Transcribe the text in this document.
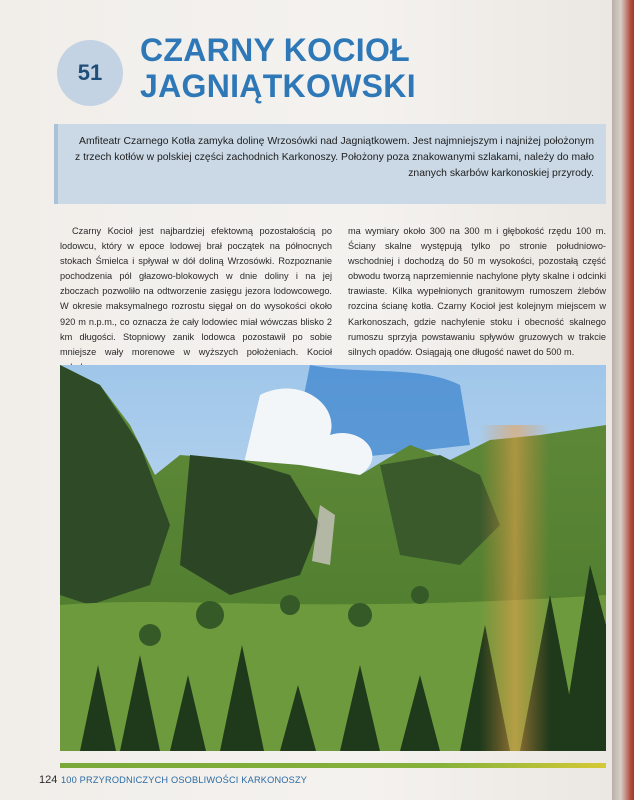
51
CZARNY KOCIOŁ
JAGNIĄTKOWSKI
Amfiteatr Czarnego Kotła zamyka dolinę Wrzosówki nad Jagniątkowem. Jest najmniejszym i najniżej położonym z trzech kotłów w polskiej części zachodnich Karkonoszy. Położony poza znakowanymi szlakami, należy do mało znanych skarbów karkonoskiej przyrody.
Czarny Kocioł jest najbardziej efektowną pozostałością po lodowcu, który w epoce lodowej brał początek na północnych stokach Śmielca i spływał w dół doliną Wrzosówki. Rozpoznanie pochodzenia pól głazowo-blokowych w dnie doliny i na jej zboczach pozwoliło na odtworzenie zasięgu jezora lodowcowego. W okresie maksymalnego rozrostu sięgał on do wysokości około 920 m n.p.m., co oznacza że cały lodowiec miał wówczas blisko 2 km długości. Stopniowy zanik lodowca pozostawił po sobie mniejsze wały morenowe w wyższych położeniach. Kocioł
ma wymiary około 300 na 300 m i głębokość rzędu 100 m. Ściany skalne występują tylko po stronie południowo-wschodniej i dochodzą do 50 m wysokości, pozostałą część obwodu tworzą naprzemiennie nachylone płyty skalne i odcinki trawiaste. Kilka wypełnionych granitowym rumoszem żlebów rozcina ścianę kotła. Czarny Kocioł jest kolejnym miejscem w Karkonoszach, gdzie nachylenie stoku i obecność skalnego rumoszu sprzyja powstawaniu spływów gruzowych w trakcie silnych opadów. Osiągają one długość nawet do 500 m.
124 100 PRZYRODNICZYCH OSOBLIWOŚCI KARKONOSZY
